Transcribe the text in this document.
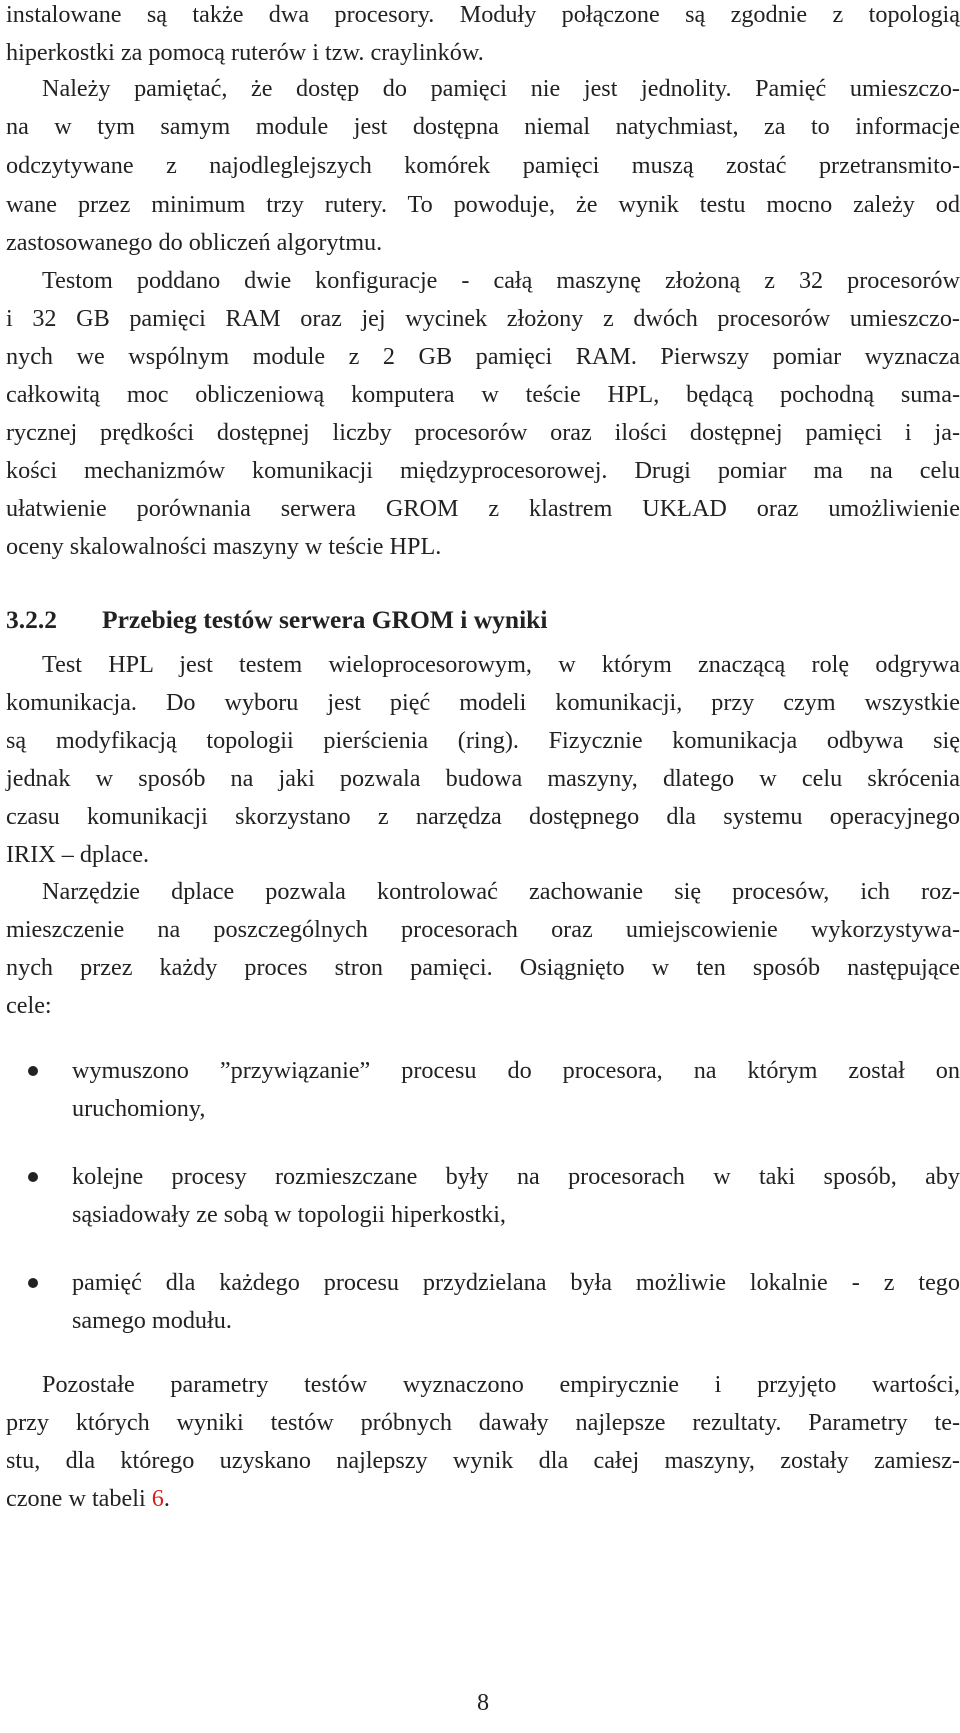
instalowane są także dwa procesory. Moduły połączone są zgodnie z topologią

hiperkostki za pomocą ruterów i tzw. craylinków.

Należy pamiętać, że dostęp do pamięci nie jest jednolity. Pamięć umieszczo-

na w tym samym module jest dostępna niemal natychmiast, za to informacje

odczytywane z najodleglejszych komórek pamięci muszą zostać przetransmito-

wane przez minimum trzy rutery. To powoduje, że wynik testu mocno zależy od

zastosowanego do obliczeń algorytmu.

Testom poddano dwie konfiguracje - całą maszynę złożoną z 32 procesorów

i 32 GB pamięci RAM oraz jej wycinek złożony z dwóch procesorów umieszczo-

nych we wspólnym module z 2 GB pamięci RAM. Pierwszy pomiar wyznacza

całkowitą moc obliczeniową komputera w teście HPL, będącą pochodną suma-

rycznej prędkości dostępnej liczby procesorów oraz ilości dostępnej pamięci i ja-

kości mechanizmów komunikacji międzyprocesorowej. Drugi pomiar ma na celu

ułatwienie porównania serwera GROM z klastrem UKŁAD oraz umożliwienie

oceny skalowalności maszyny w teście HPL.

3.2.2 Przebieg testów serwera GROM i wyniki

Test HPL jest testem wieloprocesorowym, w którym znaczącą rolę odgrywa

komunikacja. Do wyboru jest pięć modeli komunikacji, przy czym wszystkie

są modyfikacją topologii pierścienia (ring). Fizycznie komunikacja odbywa się

jednak w sposób na jaki pozwala budowa maszyny, dlatego w celu skrócenia

czasu komunikacji skorzystano z narzędza dostępnego dla systemu operacyjnego

IRIX – dplace.

Narzędzie dplace pozwala kontrolować zachowanie się procesów, ich roz-

mieszczenie na poszczególnych procesorach oraz umiejscowienie wykorzystywa-

nych przez każdy proces stron pamięci. Osiągnięto w ten sposób następujące

cele:

wymuszono ”przywiązanie” procesu do procesora, na którym został on

uruchomiony,

kolejne procesy rozmieszczane były na procesorach w taki sposób, aby

sąsiadowały ze sobą w topologii hiperkostki,

pamięć dla każdego procesu przydzielana była możliwie lokalnie - z tego

samego modułu.

Pozostałe parametry testów wyznaczono empirycznie i przyjęto wartości,

przy których wyniki testów próbnych dawały najlepsze rezultaty. Parametry te-

stu, dla którego uzyskano najlepszy wynik dla całej maszyny, zostały zamiesz-

czone w tabeli 6.

8
